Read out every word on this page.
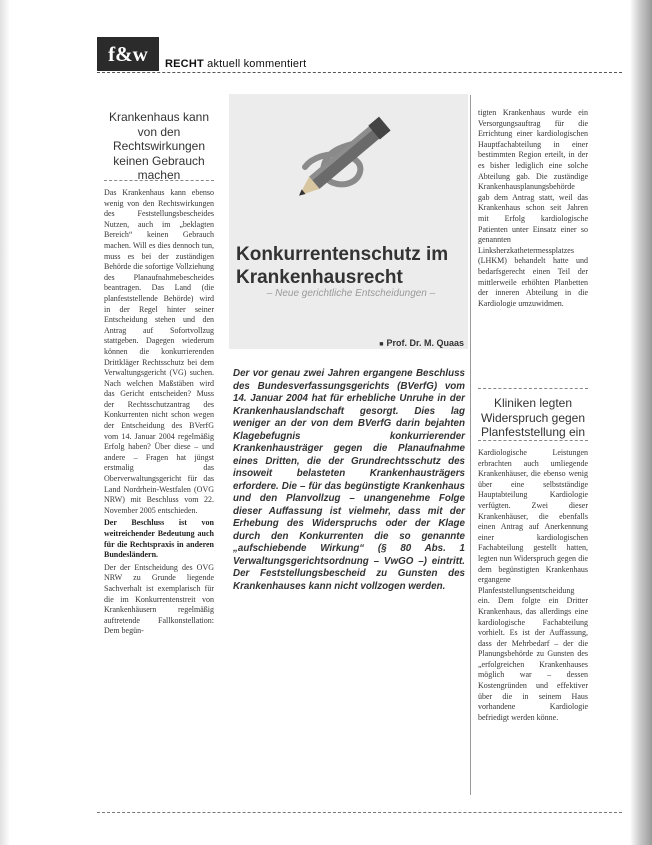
f&w	RECHT aktuell kommentiert
Krankenhaus kann von den Rechtswirkungen keinen Gebrauch machen

Das Krankenhaus kann ebenso wenig von den Rechtswirkungen des Feststellungsbescheides Nutzen, auch im „beklagten Bereich“ keinen Gebrauch machen. Will es dies dennoch tun, muss es bei der zuständigen Behörde die sofortige Vollziehung des Planaufnahmebescheides beantragen. Das Land (die planfeststellende Behörde) wird in der Regel hinter seiner Entscheidung stehen und den Antrag auf Sofortvollzug stattgeben. Dagegen wiederum können die konkurrierenden Drittkläger Rechtsschutz bei dem Verwaltungsgericht (VG) suchen. Nach welchen Maßstäben wird das Gericht entscheiden? Muss der Rechtsschutzantrag des Konkurrenten nicht schon wegen der Entscheidung des BVerfG vom 14. Januar 2004 regelmäßig Erfolg haben? Über diese – und andere – Fragen hat jüngst erstmalig das Oberverwaltungsgericht für das Land Nordrhein-Westfalen (OVG NRW) mit Beschluss vom 22. November 2005 entschieden.

Der Beschluss ist von weitreichender Bedeutung auch für die Rechtspraxis in anderen Bundesländern.

Der der Entscheidung des OVG NRW zu Grunde liegende Sachverhalt ist exemplarisch für die im Konkurrentenstreit von Krankenhäusern regelmäßig auftretende Fallkonstellation: Dem begün-

Konkurrentenschutz im Krankenhausrecht
– Neue gerichtliche Entscheidungen –
■ Prof. Dr. M. Quaas
Der vor genau zwei Jahren ergangene Beschluss des Bundesverfassungsgerichts (BVerfG) vom 14. Januar 2004 hat für erhebliche Unruhe in der Krankenhauslandschaft gesorgt. Dies lag weniger an der von dem BVerfG darin bejahten Klagebefugnis konkurrierender Krankenhausträger gegen die Planaufnahme eines Dritten, die der Grundrechtsschutz des insoweit belasteten Krankenhausträgers erfordere. Die – für das begünstigte Krankenhaus und den Planvollzug – unangenehme Folge dieser Auffassung ist vielmehr, dass mit der Erhebung des Widerspruchs oder der Klage durch den Konkurrenten die so genannte „aufschiebende Wirkung“ (§ 80 Abs. 1 Verwaltungsgerichtsordnung – VwGO –) eintritt. Der Feststellungsbescheid zu Gunsten des Krankenhauses kann nicht vollzogen werden.

tigten Krankenhaus wurde ein Versorgungsauftrag für die Errichtung einer kardiologischen Hauptfachabteilung in einer bestimmten Region erteilt, in der es bisher lediglich eine solche Abteilung gab. Die zuständige Krankenhausplanungsbehörde gab dem Antrag statt, weil das Krankenhaus schon seit Jahren mit Erfolg kardiologische Patienten unter Einsatz einer so genannten Linksherzkathetermessplatzes (LHKM) behandelt hatte und bedarfsgerecht einen Teil der mittlerweile erhöhten Planbetten der inneren Abteilung in die Kardiologie umzuwidmen.

Kliniken legten Widerspruch gegen Planfeststellung ein

Kardiologische Leistungen erbrachten auch umliegende Krankenhäuser, die ebenso wenig über eine selbstständige Hauptabteilung Kardiologie verfügten. Zwei dieser Krankenhäuser, die ebenfalls einen Antrag auf Anerkennung einer kardiologischen Fachabteilung gestellt hatten, legten nun Widerspruch gegen die dem begünstigten Krankenhaus ergangene Planfeststellungsentscheidung ein. Dem folgte ein Dritter Krankenhaus, das allerdings eine kardiologische Fachabteilung vorhielt. Es ist der Auffassung, dass der Mehrbedarf – der die Planungsbehörde zu Gunsten des „erfolgreichen Krankenhauses möglich war – dessen Kostengründen und effektiver über die in seinem Haus vorhandene Kardiologie befriedigt werden könne.
